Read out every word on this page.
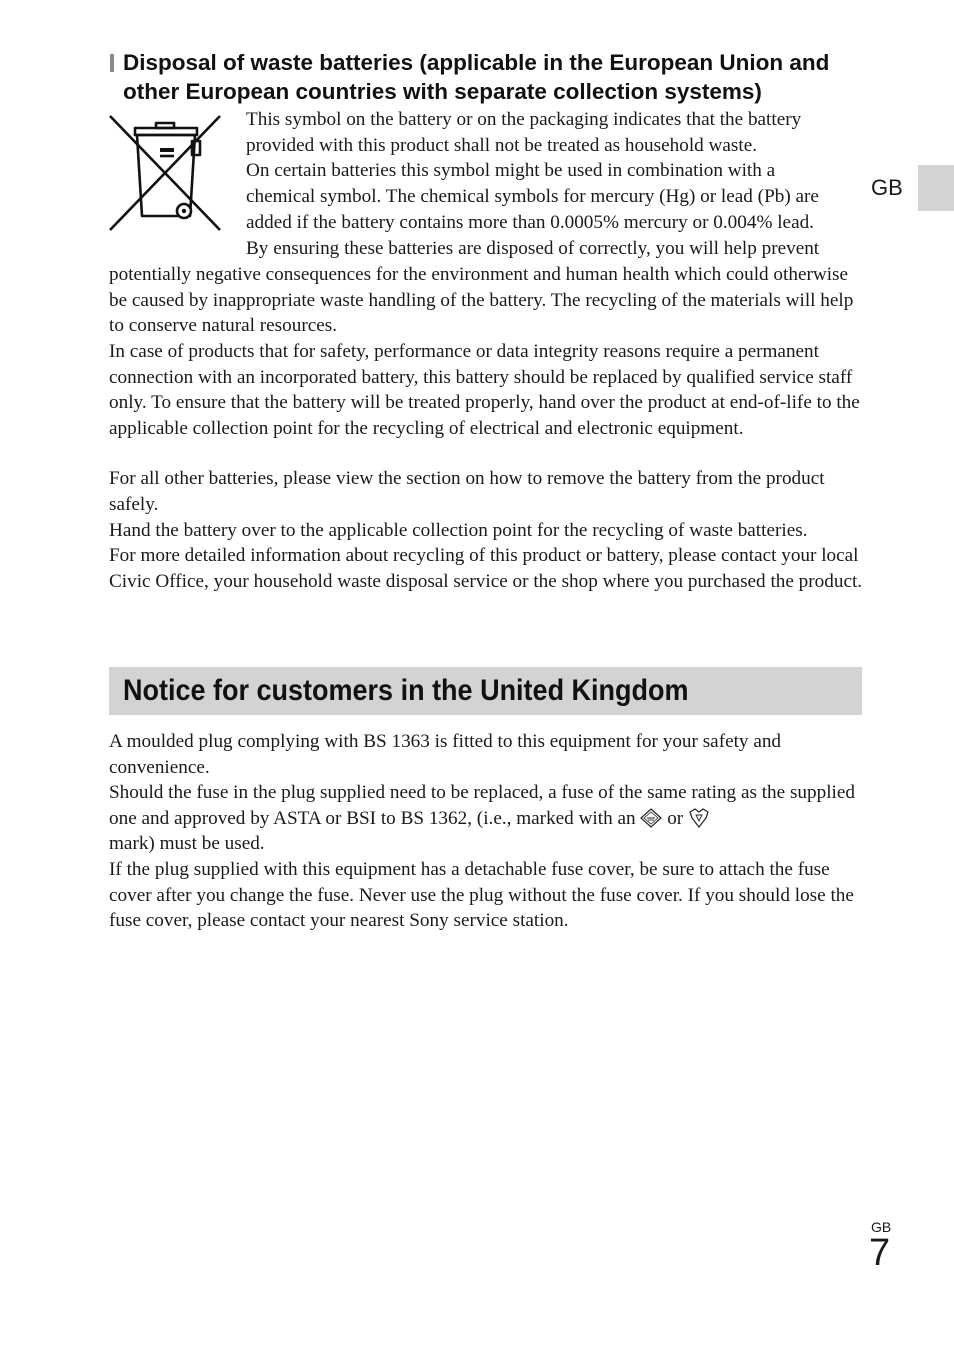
GB
Disposal of waste batteries (applicable in the European Union and other European countries with separate collection systems)

This symbol on the battery or on the packaging indicates that the battery

provided with this product shall not be treated as household waste.

On certain batteries this symbol might be used in combination with a

chemical symbol. The chemical symbols for mercury (Hg) or lead (Pb) are

added if the battery contains more than 0.0005% mercury or 0.004% lead.

By ensuring these batteries are disposed of correctly, you will help prevent

potentially negative consequences for the environment and human health which could otherwise be caused by inappropriate waste handling of the battery. The recycling of the materials will help to conserve natural resources.

In case of products that for safety, performance or data integrity reasons require a permanent connection with an incorporated battery, this battery should be replaced by qualified service staff only. To ensure that the battery will be treated properly, hand over the product at end-of-life to the applicable collection point for the recycling of electrical and electronic equipment.

For all other batteries, please view the section on how to remove the battery from the product safely.

Hand the battery over to the applicable collection point for the recycling of waste batteries.

For more detailed information about recycling of this product or battery, please contact your local Civic Office, your household waste disposal service or the shop where you purchased the product.

Notice for customers in the United Kingdom

A moulded plug complying with BS 1363 is fitted to this equipment for your safety and convenience.

Should the fuse in the plug supplied need to be replaced, a fuse of the same rating as the supplied one and approved by ASTA or BSI to BS 1362, (i.e., marked with an or
mark) must be used.

If the plug supplied with this equipment has a detachable fuse cover, be sure to attach the fuse cover after you change the fuse. Never use the plug without the fuse cover. If you should lose the fuse cover, please contact your nearest Sony service station.

GB
7
